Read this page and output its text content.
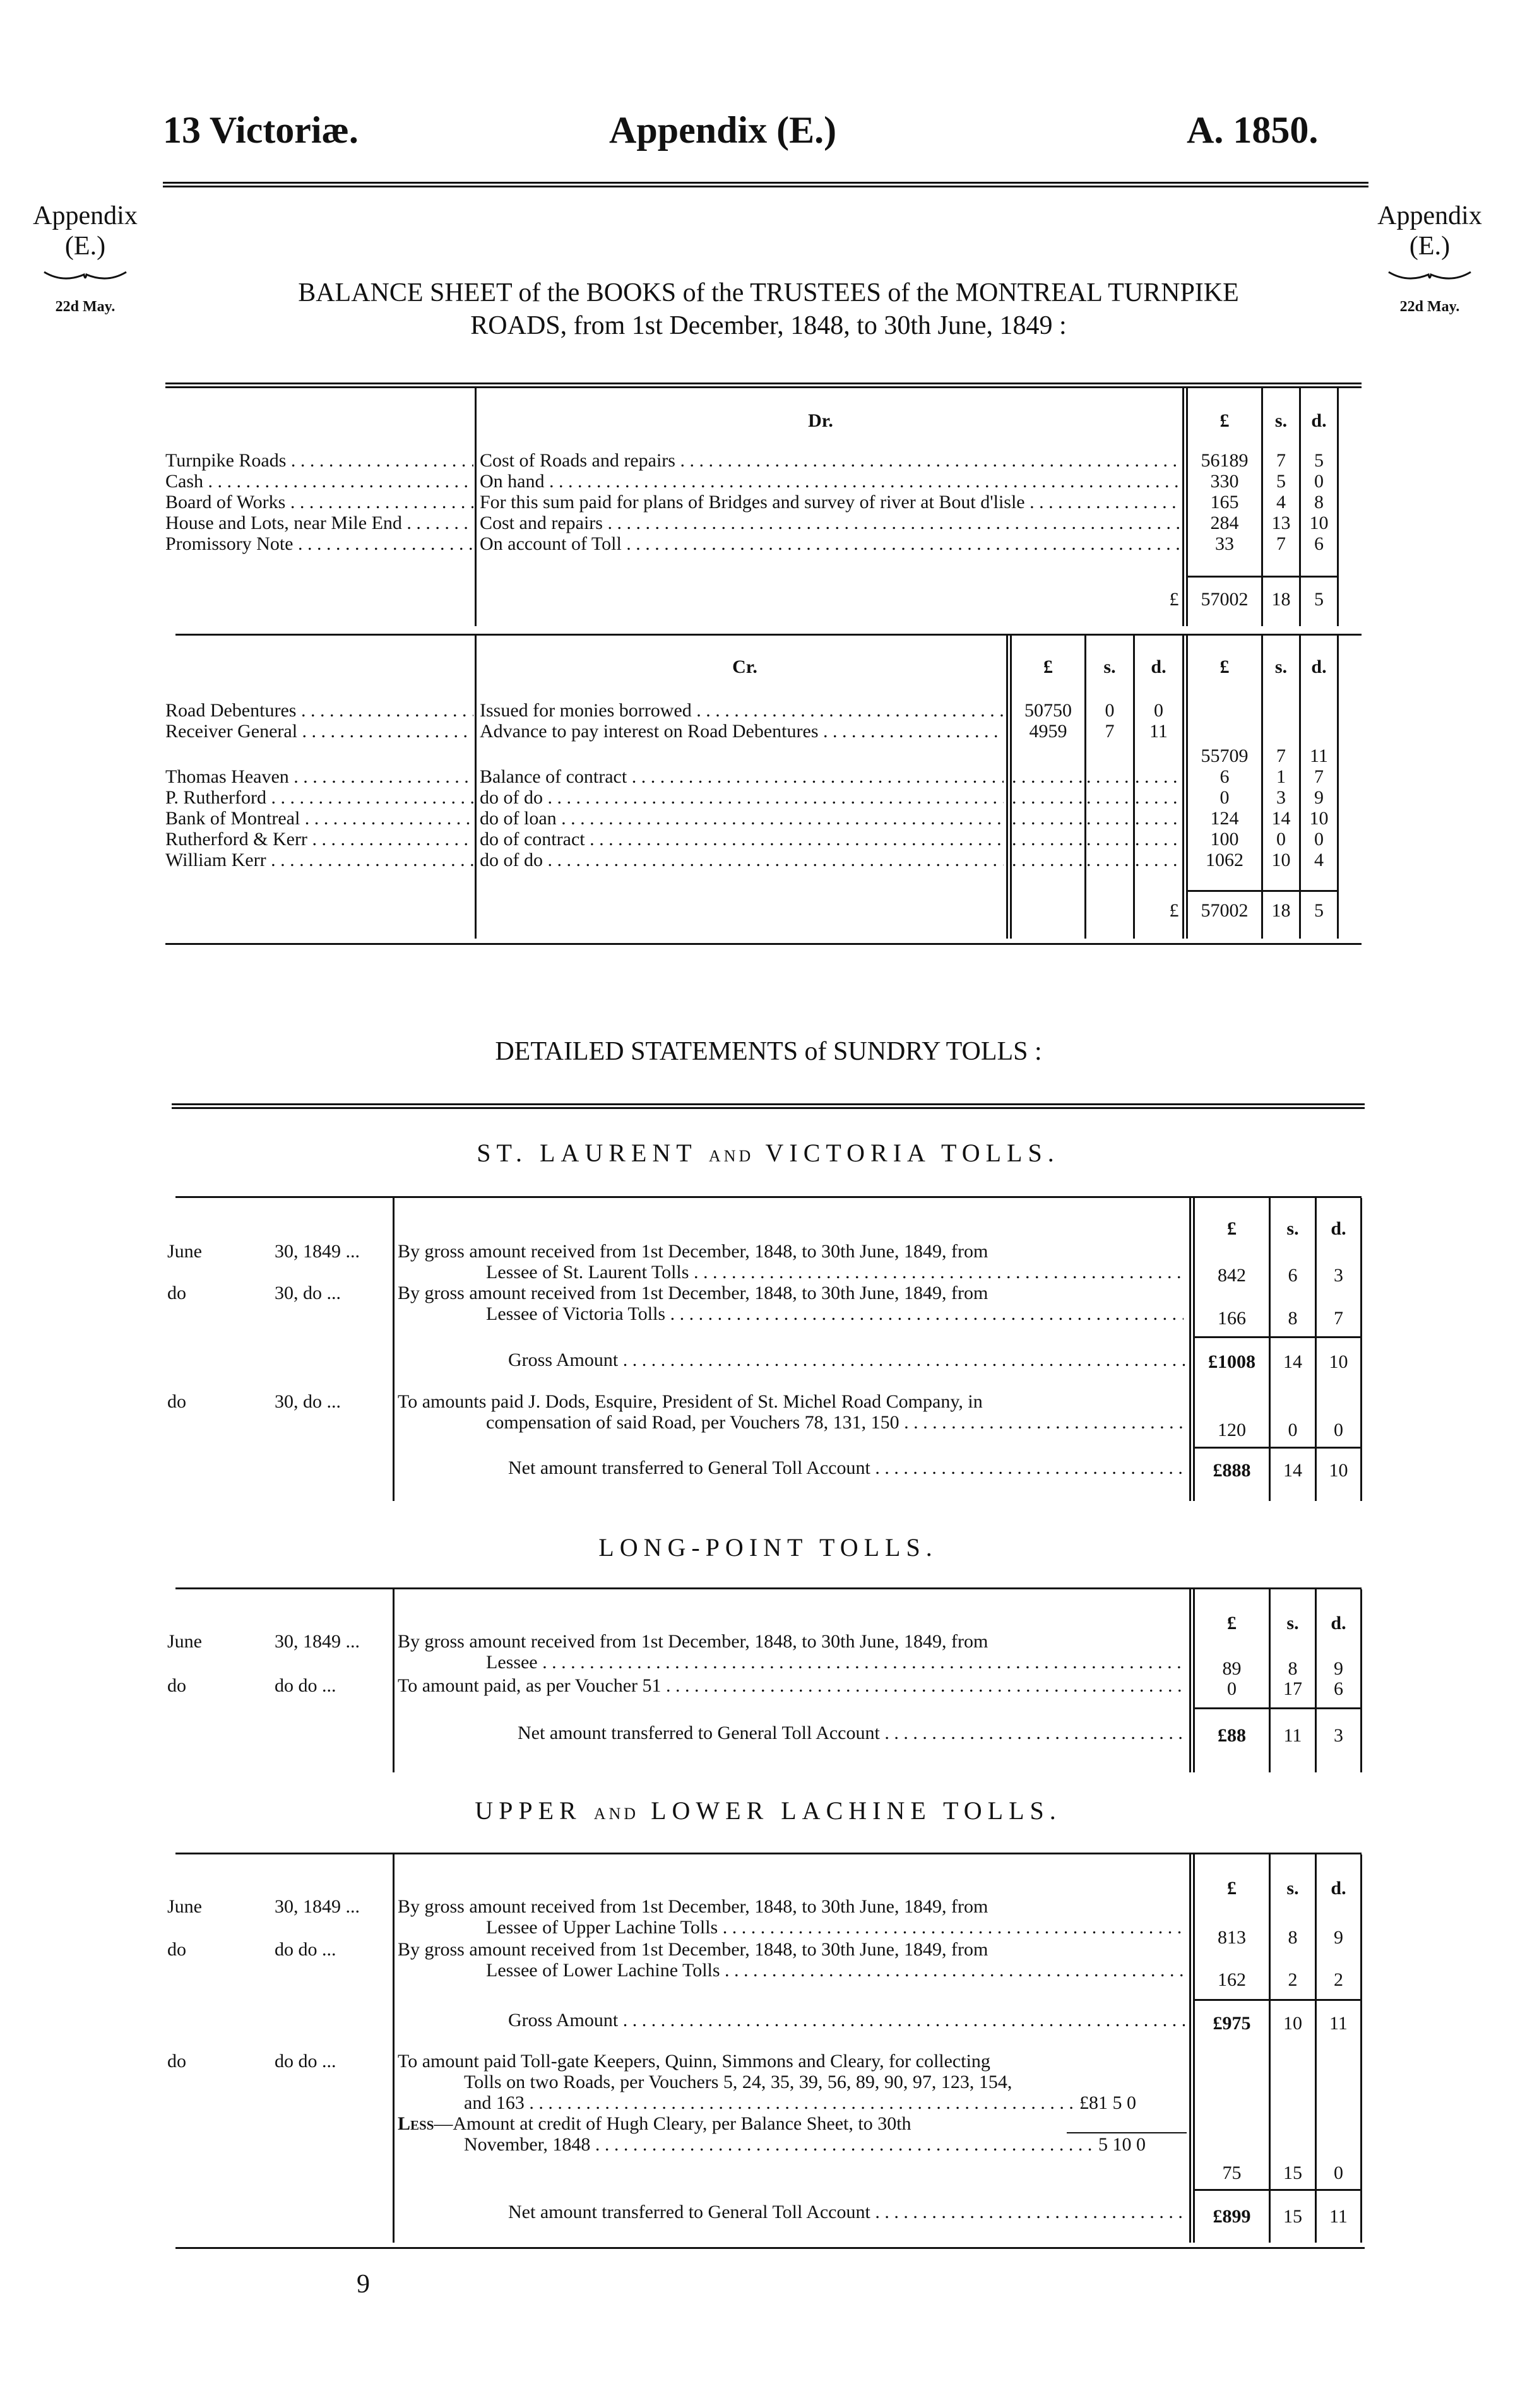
13 Victoriæ.	Appendix (E.)	A. 1850.
Appendix
(E.)
22d May.
Appendix
(E.)
22d May.
BALANCE SHEET of the BOOKS of the TRUSTEES of the MONTREAL TURNPIKE
ROADS, from 1st December, 1848, to 30th June, 1849 :
Dr.	£	s.	d.
Turnpike Roads . . .	Cost of Roads and repairs . . .	56189	7	5
Cash . . .	On hand . . .	330	5	0
Board of Works . . .	For this sum paid for plans of Bridges and survey of river at Bout d'lisle . . .	165	4	8
House and Lots, near Mile End . . .	Cost and repairs . . .	284	13	10
Promissory Note . . .	On account of Toll . . .	33	7	6
£	57002	18	5
Cr.	£	s.	d.	£	s.	d.
Road Debentures . . .	Issued for monies borrowed . . .	50750	0	0
Receiver General . . .	Advance to pay interest on Road Debentures . . .	4959	7	11
55709	7	11
Thomas Heaven . . .	Balance of contract . . . . . . . . . . . .	6	1	7
P. Rutherford . . .	do of do . . . . . . . . . . . .	0	3	9
Bank of Montreal . . .	do of loan . . . . . . . . . . . .	124	14	10
Rutherford & Kerr . . .	do of contract . . . . . . . . . . . .	100	0	0
William Kerr . . .	do of do . . . . . . . . . . . .	1062	10	4
£	57002	18	5
DETAILED STATEMENTS of SUNDRY TOLLS :
ST. LAURENT AND VICTORIA TOLLS.
£	s.	d.
June	30, 1849 ... By gross amount received from 1st December, 1848, to 30th June, 1849, from
Lessee of St. Laurent Tolls . . .	842	6	3
do	30, do ...	By gross amount received from 1st December, 1848, to 30th June, 1849, from
Lessee of Victoria Tolls . . .	166	8	7
Gross Amount . . .	£1008	14	10
do	30, do ...	To amounts paid J. Dods, Esquire, President of St. Michel Road Company, in
compensation of said Road, per Vouchers 78, 131, 150 . . .	120	0	0
Net amount transferred to General Toll Account . . .	£888	14	10
LONG-POINT TOLLS.
£	s.	d.
June	30, 1849 ... By gross amount received from 1st December, 1848, to 30th June, 1849, from
Lessee . . .	89	8	9
do	do do ...	To amount paid, as per Voucher 51 . . .	0	17	6
Net amount transferred to General Toll Account . . .	£88	11	3
UPPER AND LOWER LACHINE TOLLS.
£	s.	d.
June	30, 1849 ... By gross amount received from 1st December, 1848, to 30th June, 1849, from
Lessee of Upper Lachine Tolls . . .	813	8	9
do	do do ...	By gross amount received from 1st December, 1848, to 30th June, 1849, from
Lessee of Lower Lachine Tolls . . .	162	2	2
Gross Amount . . .	£975	10	11
do	do do ...	To amount paid Toll-gate Keepers, Quinn, Simmons and Cleary, for collecting
Tolls on two Roads, per Vouchers 5, 24, 35, 39, 56, 89, 90, 97, 123, 154,
and 163 . . .	£81 5 0
Less—Amount at credit of Hugh Cleary, per Balance Sheet, to 30th
November, 1848 . . .	5 10 0
75	15	0
Net amount transferred to General Toll Account . . .	£899	15	11
9
